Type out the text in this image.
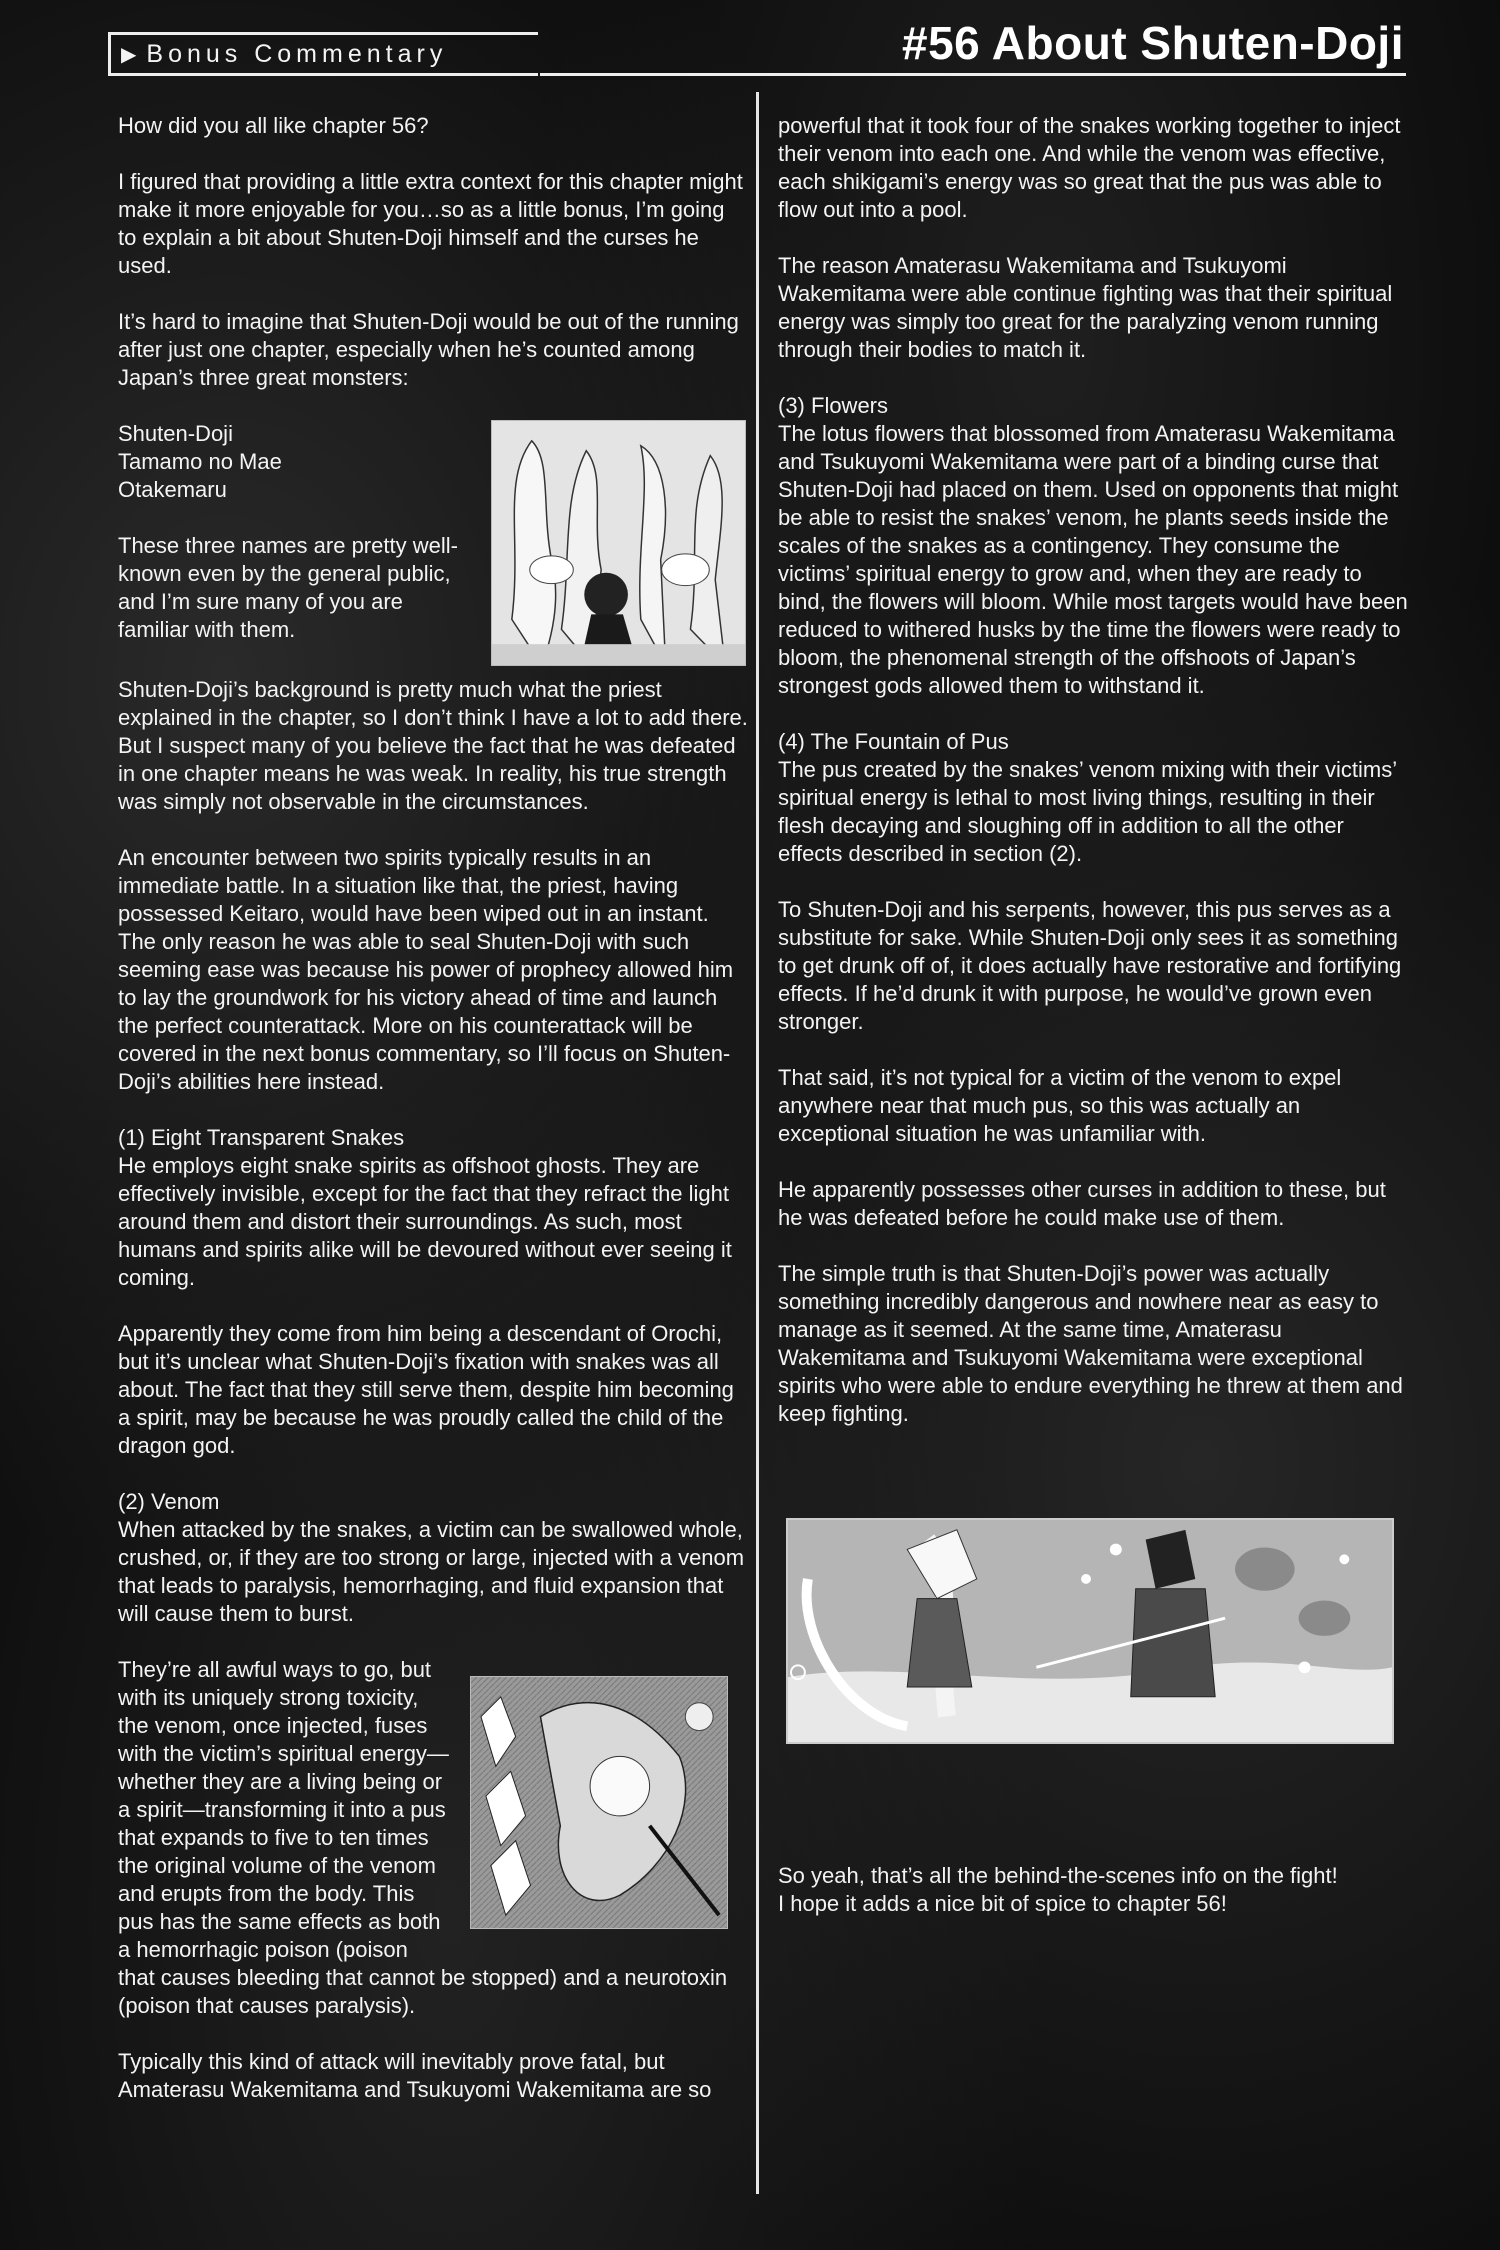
▶ Bonus Commentary	#56 About Shuten-Doji

How did you all like chapter 56?

I figured that providing a little extra context for this chapter might make it more enjoyable for you…so as a little bonus, I’m going to explain a bit about Shuten-Doji himself and the curses he used.

It’s hard to imagine that Shuten-Doji would be out of the running after just one chapter, especially when he’s counted among Japan’s three great monsters:

Shuten-Doji

Tamamo no Mae

Otakemaru

These three names are pretty well-known even by the general public, and I’m sure many of you are familiar with them.

Shuten-Doji’s background is pretty much what the priest explained in the chapter, so I don’t think I have a lot to add there. But I suspect many of you believe the fact that he was defeated in one chapter means he was weak. In reality, his true strength was simply not observable in the circumstances.

An encounter between two spirits typically results in an immediate battle. In a situation like that, the priest, having possessed Keitaro, would have been wiped out in an instant. The only reason he was able to seal Shuten-Doji with such seeming ease was because his power of prophecy allowed him to lay the groundwork for his victory ahead of time and launch the perfect counterattack. More on his counterattack will be covered in the next bonus commentary, so I’ll focus on Shuten-Doji’s abilities here instead.

(1) Eight Transparent Snakes
He employs eight snake spirits as offshoot ghosts. They are effectively invisible, except for the fact that they refract the light around them and distort their surroundings. As such, most humans and spirits alike will be devoured without ever seeing it coming.

Apparently they come from him being a descendant of Orochi, but it’s unclear what Shuten-Doji’s fixation with snakes was all about. The fact that they still serve them, despite him becoming a spirit, may be because he was proudly called the child of the dragon god.

(2) Venom
When attacked by the snakes, a victim can be swallowed whole, crushed, or, if they are too strong or large, injected with a venom that leads to paralysis, hemorrhaging, and fluid expansion that will cause them to burst.

They’re all awful ways to go, but with its uniquely strong toxicity, the venom, once injected, fuses with the victim’s spiritual energy—whether they are a living being or a spirit—transforming it into a pus that expands to five to ten times the original volume of the venom and erupts from the body. This pus has the same effects as both a hemorrhagic poison (poison that causes bleeding that cannot be stopped) and a neurotoxin (poison that causes paralysis).

Typically this kind of attack will inevitably prove fatal, but Amaterasu Wakemitama and Tsukuyomi Wakemitama are so

powerful that it took four of the snakes working together to inject their venom into each one. And while the venom was effective, each shikigami’s energy was so great that the pus was able to flow out into a pool.

The reason Amaterasu Wakemitama and Tsukuyomi Wakemitama were able continue fighting was that their spiritual energy was simply too great for the paralyzing venom running through their bodies to match it.

(3) Flowers
The lotus flowers that blossomed from Amaterasu Wakemitama and Tsukuyomi Wakemitama were part of a binding curse that Shuten-Doji had placed on them. Used on opponents that might be able to resist the snakes’ venom, he plants seeds inside the scales of the snakes as a contingency. They consume the victims’ spiritual energy to grow and, when they are ready to bind, the flowers will bloom. While most targets would have been reduced to withered husks by the time the flowers were ready to bloom, the phenomenal strength of the offshoots of Japan’s strongest gods allowed them to withstand it.

(4) The Fountain of Pus
The pus created by the snakes’ venom mixing with their victims’ spiritual energy is lethal to most living things, resulting in their flesh decaying and sloughing off in addition to all the other effects described in section (2).

To Shuten-Doji and his serpents, however, this pus serves as a substitute for sake. While Shuten-Doji only sees it as something to get drunk off of, it does actually have restorative and fortifying effects. If he’d drunk it with purpose, he would’ve grown even stronger.

That said, it’s not typical for a victim of the venom to expel anywhere near that much pus, so this was actually an exceptional situation he was unfamiliar with.

He apparently possesses other curses in addition to these, but he was defeated before he could make use of them.

The simple truth is that Shuten-Doji’s power was actually something incredibly dangerous and nowhere near as easy to manage as it seemed. At the same time, Amaterasu Wakemitama and Tsukuyomi Wakemitama were exceptional spirits who were able to endure everything he threw at them and keep fighting.

So yeah, that’s all the behind-the-scenes info on the fight!

I hope it adds a nice bit of spice to chapter 56!
